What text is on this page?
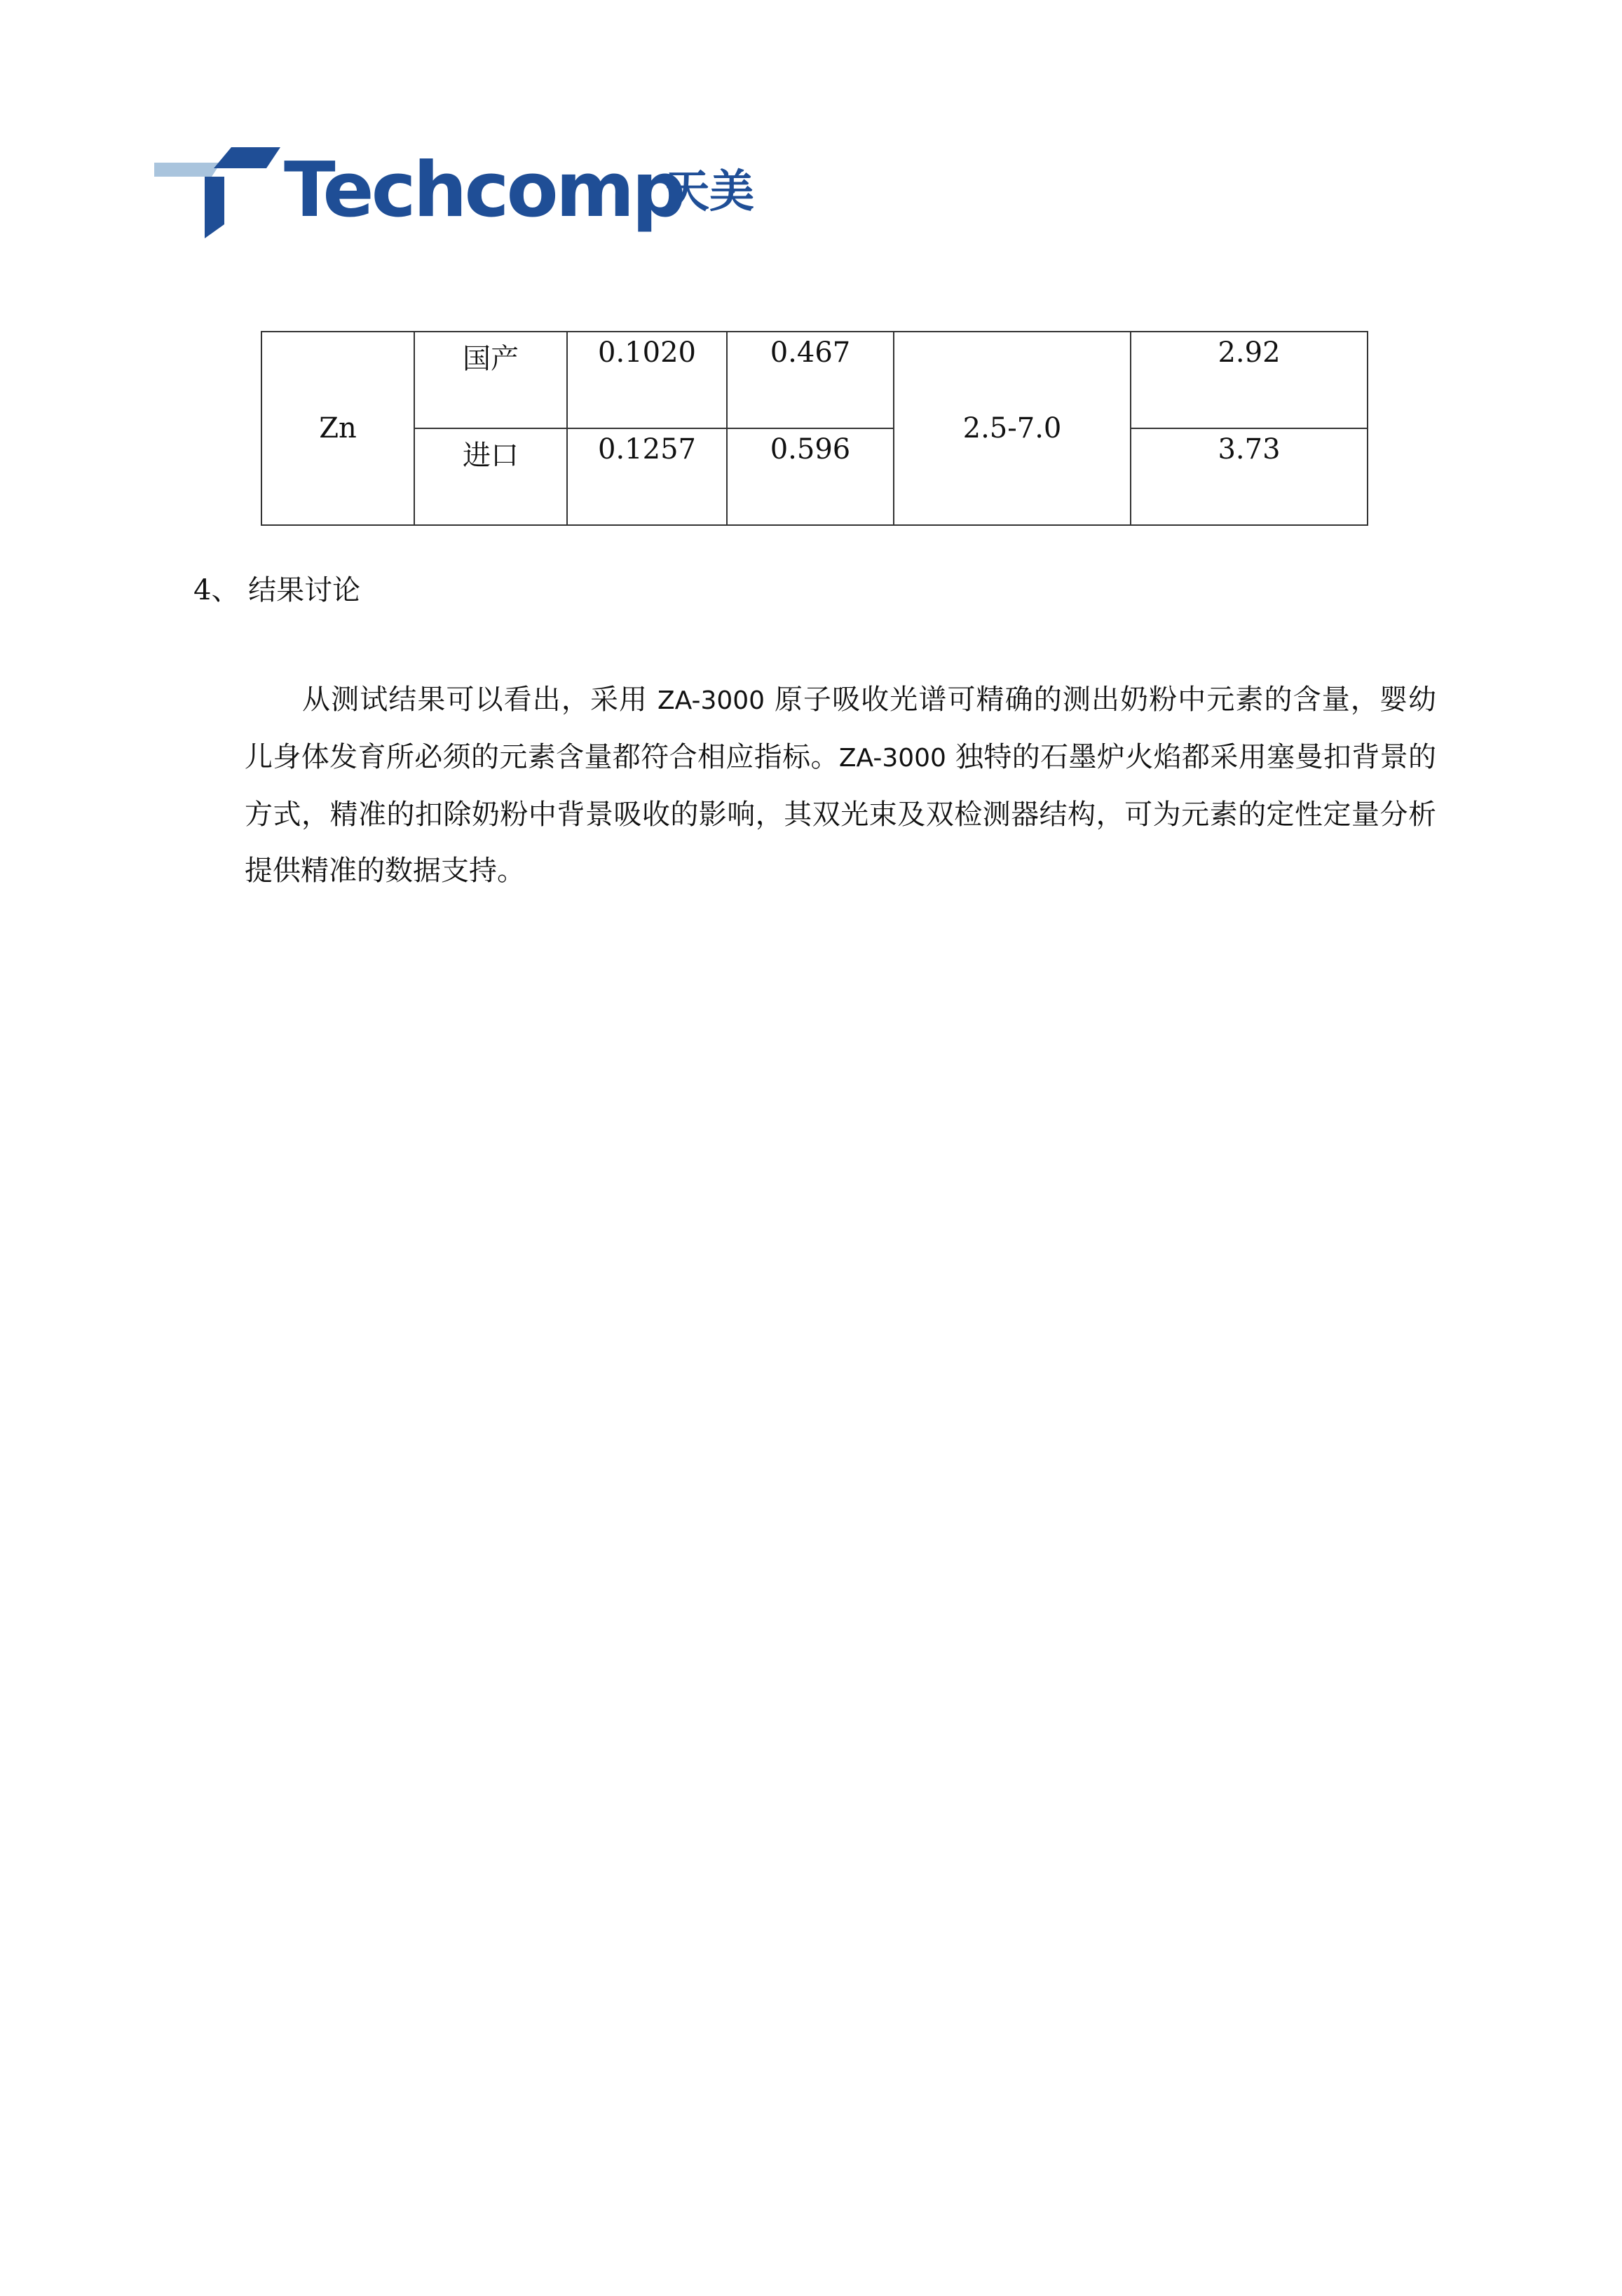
Techcomp
天美
Zn	国产	0.1020	0.467	2.5-7.0	2.92
	进口	0.1257	0.596		3.73
4、 结果讨论
从测试结果可以看出，采用 ZA-3000 原子吸收光谱可精确的测出奶粉中元素的含量，婴幼儿身体发育所必须的元素含量都符合相应指标。ZA-3000 独特的石墨炉火焰都采用塞曼扣背景的方式，精准的扣除奶粉中背景吸收的影响，其双光束及双检测器结构，可为元素的定性定量分析提供精准的数据支持。
